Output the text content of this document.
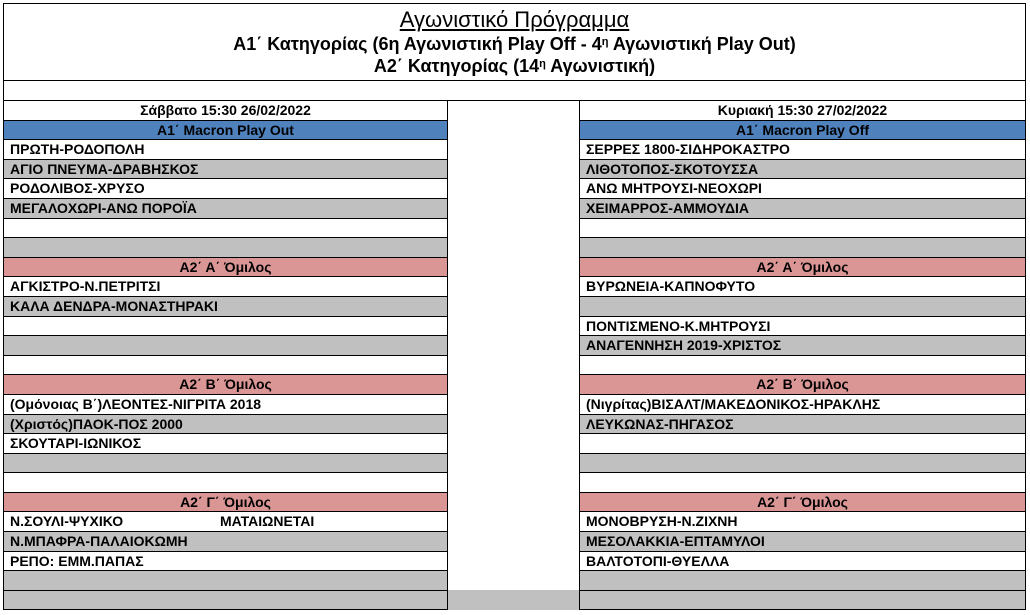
Αγωνιστικό Πρόγραμμα
Α1΄ Κατηγορίας (6η Αγωνιστική Play Off - $4^\eta$ Αγωνιστική Play Out)
Α2΄ Κατηγορίας ($14^\eta$ Αγωνιστική)
Σάββατο 15:30 26/02/2022
Α1΄ Macron Play Out
ΠΡΩΤΗ-ΡΟΔΟΠΟΛΗ
ΑΓΙΟ ΠΝΕΥΜΑ-ΔΡΑΒΗΣΚΟΣ
ΡΟΔΟΛΙΒΟΣ-ΧΡΥΣΟ
ΜΕΓΑΛΟΧΩΡΙ-ΑΝΩ ΠΟΡΟΪΑ
Α2΄ Α΄ Όμιλος
ΑΓΚΙΣΤΡΟ-Ν.ΠΕΤΡΙΤΣΙ
ΚΑΛΑ ΔΕΝΔΡΑ-ΜΟΝΑΣΤΗΡΑΚΙ
Α2΄ Β΄ Όμιλος
(Ομόνοιας Β΄)ΛΕΟΝΤΕΣ-ΝΙΓΡΙΤΑ 2018
(Χριστός)ΠΑΟΚ-ΠΟΣ 2000
ΣΚΟΥΤΑΡΙ-ΙΩΝΙΚΟΣ
Α2΄ Γ΄ Όμιλος
Ν.ΣΟΥΛΙ-ΨΥΧΙΚΟ	ΜΑΤΑΙΩΝΕΤΑΙ
Ν.ΜΠΑΦΡΑ-ΠΑΛΑΙΟΚΩΜΗ
ΡΕΠΟ: ΕΜΜ.ΠΑΠΑΣ
Κυριακή 15:30 27/02/2022
Α1΄ Macron Play Off
ΣΕΡΡΕΣ 1800-ΣΙΔΗΡΟΚΑΣΤΡΟ
ΛΙΘΟΤΟΠΟΣ-ΣΚΟΤΟΥΣΣΑ
ΑΝΩ ΜΗΤΡΟΥΣΙ-ΝΕΟΧΩΡΙ
ΧΕΙΜΑΡΡΟΣ-ΑΜΜΟΥΔΙΑ
Α2΄ Α΄ Όμιλος
ΒΥΡΩΝΕΙΑ-ΚΑΠΝΟΦΥΤΟ
ΠΟΝΤΙΣΜΕΝΟ-Κ.ΜΗΤΡΟΥΣΙ
ΑΝΑΓΕΝΝΗΣΗ 2019-ΧΡΙΣΤΟΣ
Α2΄ Β΄ Όμιλος
(Νιγρίτας)ΒΙΣΑΛΤ/ΜΑΚΕΔΟΝΙΚΟΣ-ΗΡΑΚΛΗΣ
ΛΕΥΚΩΝΑΣ-ΠΗΓΑΣΟΣ
Α2΄ Γ΄ Όμιλος
ΜΟΝΟΒΡΥΣΗ-Ν.ΖΙΧΝΗ
ΜΕΣΟΛΑΚΚΙΑ-ΕΠΤΑΜΥΛΟΙ
ΒΑΛΤΟΤΟΠΙ-ΘΥΕΛΛΑ
